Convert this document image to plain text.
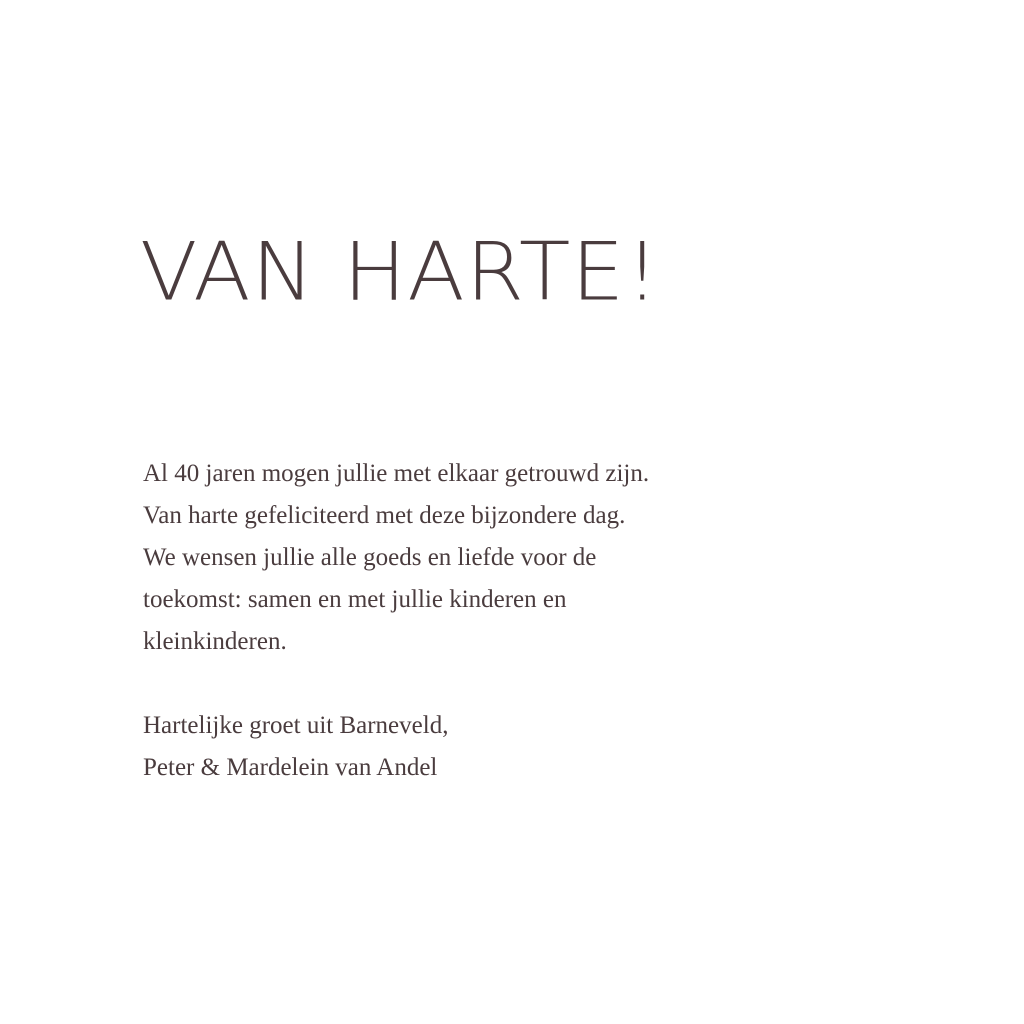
VAN HARTE!
Al 40 jaren mogen jullie met elkaar getrouwd zijn.
Van harte gefeliciteerd met deze bijzondere dag.
We wensen jullie alle goeds en liefde voor de
toekomst: samen en met jullie kinderen en
kleinkinderen.
Hartelijke groet uit Barneveld,
Peter & Mardelein van Andel
